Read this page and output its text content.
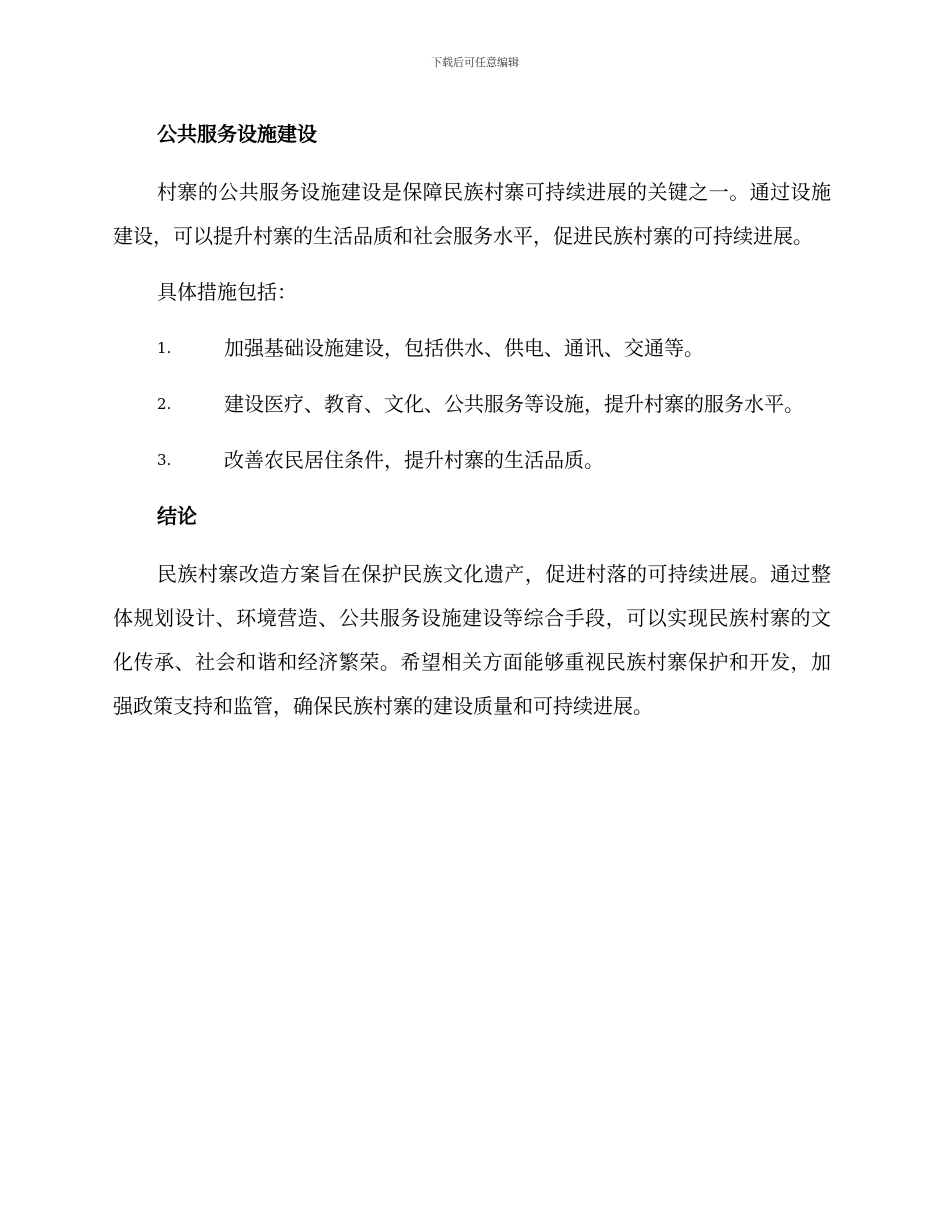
下载后可任意编辑
公共服务设施建设

村寨的公共服务设施建设是保障民族村寨可持续进展的关键之一。通过设施建设，可以提升村寨的生活品质和社会服务水平，促进民族村寨的可持续进展。

具体措施包括：

1.	加强基础设施建设，包括供水、供电、通讯、交通等。
2.	建设医疗、教育、文化、公共服务等设施，提升村寨的服务水平。
3.	改善农民居住条件，提升村寨的生活品质。
结论

民族村寨改造方案旨在保护民族文化遗产，促进村落的可持续进展。通过整体规划设计、环境营造、公共服务设施建设等综合手段，可以实现民族村寨的文化传承、社会和谐和经济繁荣。希望相关方面能够重视民族村寨保护和开发，加强政策支持和监管，确保民族村寨的建设质量和可持续进展。
